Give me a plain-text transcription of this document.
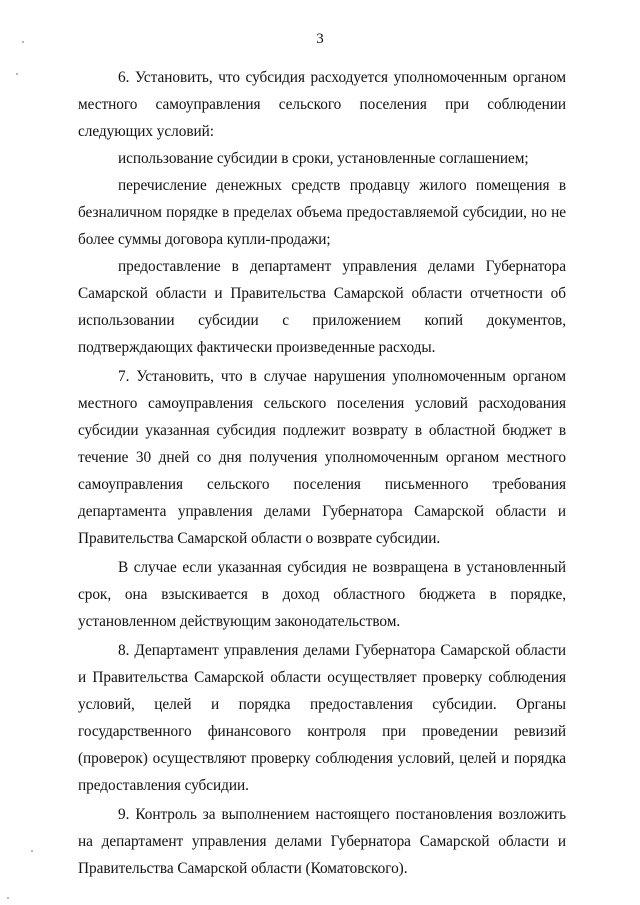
3

6. Установить, что субсидия расходуется уполномоченным органом местного самоуправления сельского поселения при соблюдении следующих условий:

использование субсидии в сроки, установленные соглашением;

перечисление денежных средств продавцу жилого помещения в безналичном порядке в пределах объема предоставляемой субсидии, но не более суммы договора купли-продажи;

предоставление в департамент управления делами Губернатора Самарской области и Правительства Самарской области отчетности об использовании субсидии с приложением копий документов, подтверждающих фактически произведенные расходы.

7. Установить, что в случае нарушения уполномоченным органом местного самоуправления сельского поселения условий расходования субсидии указанная субсидия подлежит возврату в областной бюджет в течение 30 дней со дня получения уполномоченным органом местного самоуправления сельского поселения письменного требования департамента управления делами Губернатора Самарской области и Правительства Самарской области о возврате субсидии.

В случае если указанная субсидия не возвращена в установленный срок, она взыскивается в доход областного бюджета в порядке, установленном действующим законодательством.

8. Департамент управления делами Губернатора Самарской области и Правительства Самарской области осуществляет проверку соблюдения условий, целей и порядка предоставления субсидии. Органы государственного финансового контроля при проведении ревизий (проверок) осуществляют проверку соблюдения условий, целей и порядка предоставления субсидии.

9. Контроль за выполнением настоящего постановления возложить на департамент управления делами Губернатора Самарской области и Правительства Самарской области (Коматовского).
